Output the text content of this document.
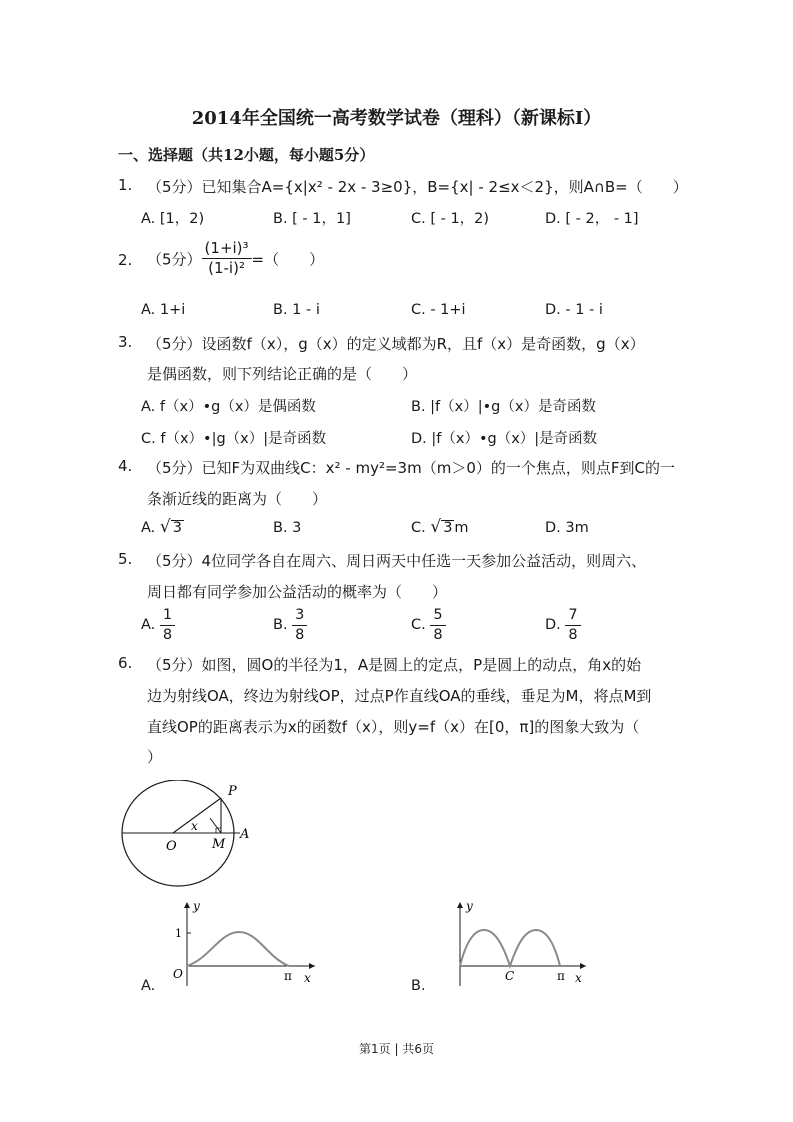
2014年全国统一高考数学试卷（理科）（新课标Ⅰ）
一、选择题（共12小题，每小题5分）
1. （5分）已知集合A={x|x² - 2x - 3≥0}，B={x| - 2≤x＜2}，则A∩B=（　　）
A. [1，2)	B. [ - 1，1]	C. [ - 1，2)	D. [ - 2， - 1]
2. （5分） $\frac{\text{(1+i)³}}{\text{(1-i)²}}$ =（　　）
A. 1+i	B. 1 - i	C. - 1+i	D. - 1 - i
3. （5分）设函数f（x），g（x）的定义域都为R，且f（x）是奇函数，g（x）
是偶函数，则下列结论正确的是（　　）
A. f（x）•g（x）是偶函数	B. |f（x）|•g（x）是奇函数
C. f（x）•|g（x）|是奇函数	D. |f（x）•g（x）|是奇函数
4. （5分）已知F为双曲线C：x² - my²=3m（m＞0）的一个焦点，则点F到C的一
条渐近线的距离为（　　）
A. √ 3	B. 3	C. √ 3 m	D. 3m
5. （5分）4位同学各自在周六、周日两天中任选一天参加公益活动，则周六、
周日都有同学参加公益活动的概率为（　　）
A. $\frac{1}{8}$	B. $\frac{3}{8}$	C. $\frac{5}{8}$	D. $\frac{7}{8}$
6. （5分）如图，圆O的半径为1，A是圆上的定点，P是圆上的动点，角x的始
边为射线OA，终边为射线OP，过点P作直线OA的垂线，垂足为M，将点M到
直线OP的距离表示为x的函数f（x），则y=f（x）在[0，π]的图象大致为（
）
P
A
O	M
x
y
1
O	π x
A.
y
C	π x
B.
第1页 | 共6页
